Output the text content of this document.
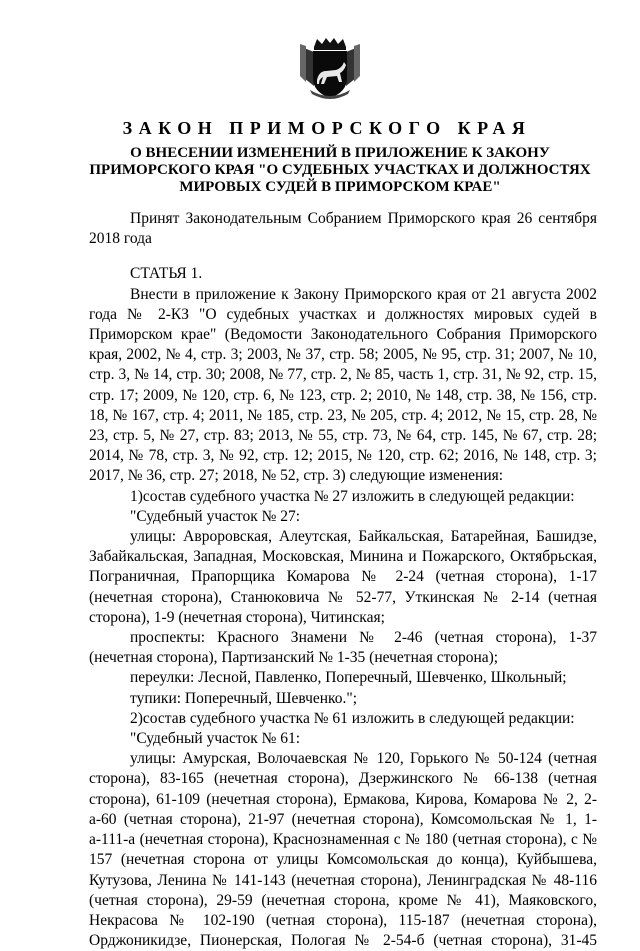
ЗАКОН ПРИМОРСКОГО КРАЯ
О ВНЕСЕНИИ ИЗМЕНЕНИЙ В ПРИЛОЖЕНИЕ К ЗАКОНУ ПРИМОРСКОГО КРАЯ "О СУДЕБНЫХ УЧАСТКАХ И ДОЛЖНОСТЯХ МИРОВЫХ СУДЕЙ В ПРИМОРСКОМ КРАЕ"

Принят Законодательным Собранием Приморского края 26 сентября 2018 года

СТАТЬЯ 1.

Внести в приложение к Закону Приморского края от 21 августа 2002 года № 2-КЗ "О судебных участках и должностях мировых судей в Приморском крае" (Ведомости Законодательного Собрания Приморского края, 2002, № 4, стр. 3; 2003, № 37, стр. 58; 2005, № 95, стр. 31; 2007, № 10, стр. 3, № 14, стр. 30; 2008, № 77, стр. 2, № 85, часть 1, стр. 31, № 92, стр. 15, стр. 17; 2009, № 120, стр. 6, № 123, стр. 2; 2010, № 148, стр. 38, № 156, стр. 18, № 167, стр. 4; 2011, № 185, стр. 23, № 205, стр. 4; 2012, № 15, стр. 28, № 23, стр. 5, № 27, стр. 83; 2013, № 55, стр. 73, № 64, стр. 145, № 67, стр. 28; 2014, № 78, стр. 3, № 92, стр. 12; 2015, № 120, стр. 62; 2016, № 148, стр. 3; 2017, № 36, стр. 27; 2018, № 52, стр. 3) следующие изменения:

1)состав судебного участка № 27 изложить в следующей редакции:

"Судебный участок № 27:

улицы: Авроровская, Алеутская, Байкальская, Батарейная, Башидзе, Забайкальская, Западная, Московская, Минина и Пожарского, Октябрьская, Пограничная, Прапорщика Комарова № 2-24 (четная сторона), 1-17 (нечетная сторона), Станюковича № 52-77, Уткинская № 2-14 (четная сторона), 1-9 (нечетная сторона), Читинская;

проспекты: Красного Знамени № 2-46 (четная сторона), 1-37 (нечетная сторона), Партизанский № 1-35 (нечетная сторона);

переулки: Лесной, Павленко, Поперечный, Шевченко, Школьный;

тупики: Поперечный, Шевченко.";

2)состав судебного участка № 61 изложить в следующей редакции:

"Судебный участок № 61:

улицы: Амурская, Волочаевская № 120, Горького № 50-124 (четная сторона), 83-165 (нечетная сторона), Дзержинского № 66-138 (четная сторона), 61-109 (нечетная сторона), Ермакова, Кирова, Комарова № 2, 2-а-60 (четная сторона), 21-97 (нечетная сторона), Комсомольская № 1, 1-а-111-а (нечетная сторона), Краснознаменная с № 180 (четная сторона), с № 157 (нечетная сторона от улицы Комсомольская до конца), Куйбышева, Кутузова, Ленина № 141-143 (нечетная сторона), Ленинградская № 48-116 (четная сторона), 29-59 (нечетная сторона, кроме № 41), Маяковского, Некрасова № 102-190 (четная сторона), 115-187 (нечетная сторона), Орджоникидзе, Пионерская, Пологая № 2-54-б (четная сторона), 31-45
